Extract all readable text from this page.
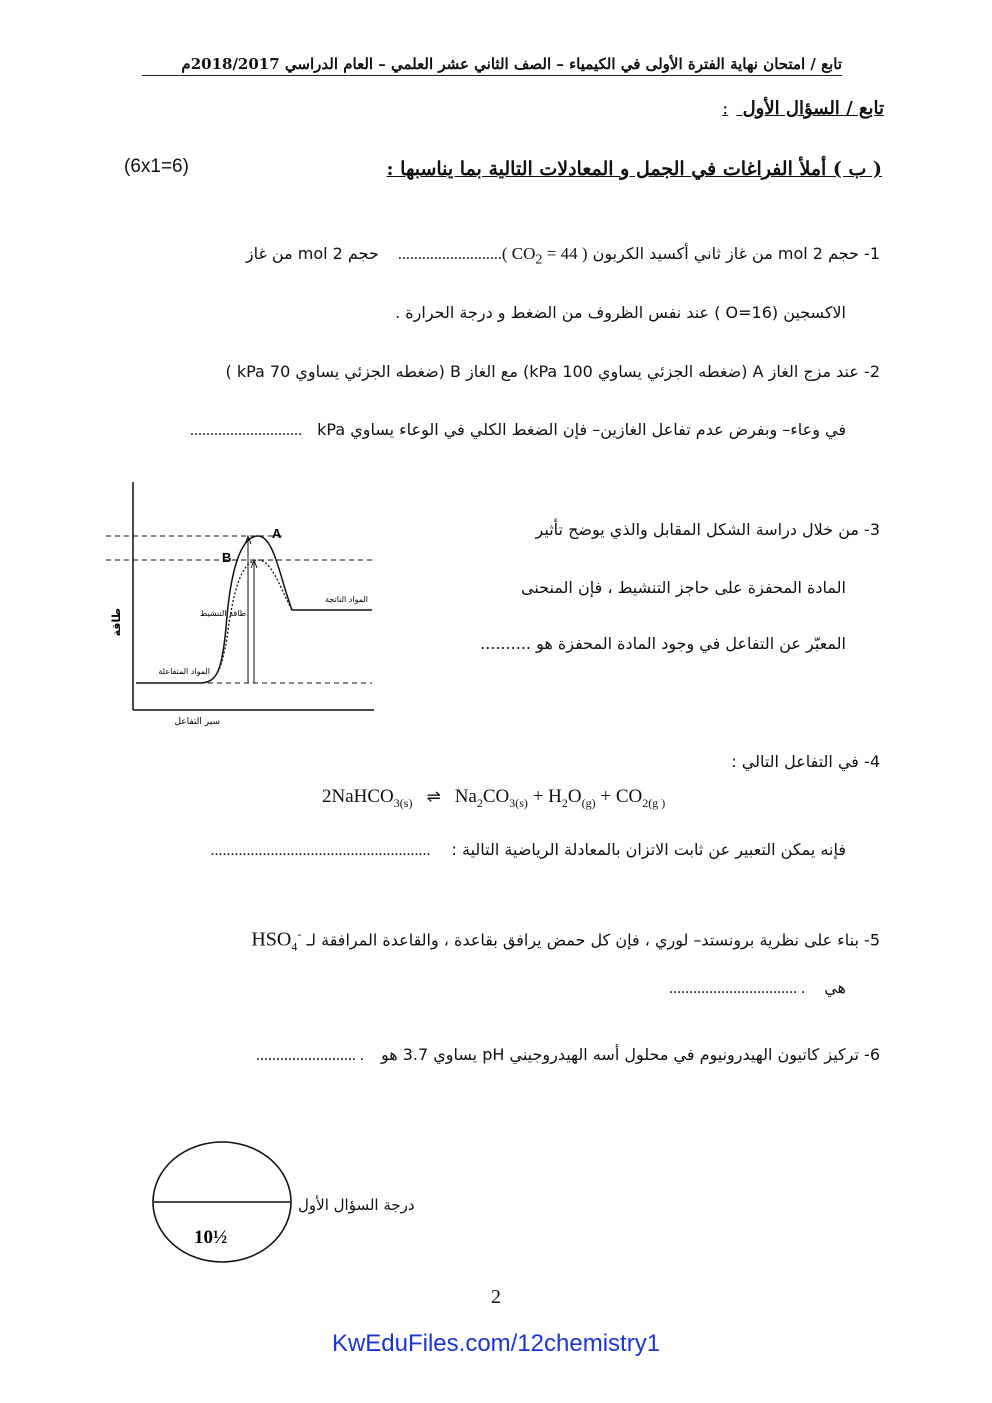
تابع / امتحان نهاية الفترة الأولى في الكيمياء – الصف الثاني عشر العلمي – العام الدراسي 2018/2017م
تابع / السؤال الأول :
( ب ) أملأ الفراغات في الجمل و المعادلات التالية بما يناسبها :
(6x1=6)
1- حجم 2 mol من غاز ثاني أكسيد الكربون ( $CO_2 = 44$ ).......................... حجم 2 mol من غاز
الاكسجين (O=16 ) عند نفس الظروف من الضغط و درجة الحرارة .
2- عند مزج الغاز A (ضغطه الجزئي يساوي 100 kPa) مع الغاز B (ضغطه الجزئي يساوي 70 kPa )
في وعاء– وبفرض عدم تفاعل الغازين– فإن الضغط الكلي في الوعاء يساوي kPa ............................
3- من خلال دراسة الشكل المقابل والذي يوضح تأثير
المادة المحفزة على حاجز التنشيط ، فإن المنحنى
المعبّر عن التفاعل في وجود المادة المحفزة هو ..........
A
B
طاقة
سير التفاعل
المواد المتفاعلة
المواد الناتجة
طاقة التنشيط
4- في التفاعل التالي :
2NaHCO$_{3(s)}$ ⇌ $Na_2CO_{3(s)} + H_2O_{(g)} + CO_{2(g )}$
فإنه يمكن التعبير عن ثابت الاتزان بالمعادلة الرياضية التالية : .......................................................
5- بناء على نظرية برونستد– لوري ، فإن كل حمض يرافق بقاعدة ، والقاعدة المرافقة لـ $HSO_4^-$
هي ................................ .
6- تركيز كاتيون الهيدرونيوم في محلول أسه الهيدروجيني pH يساوي 3.7 هو ......................... .
10½
درجة السؤال الأول
2
KwEduFiles.com/12chemistry1
